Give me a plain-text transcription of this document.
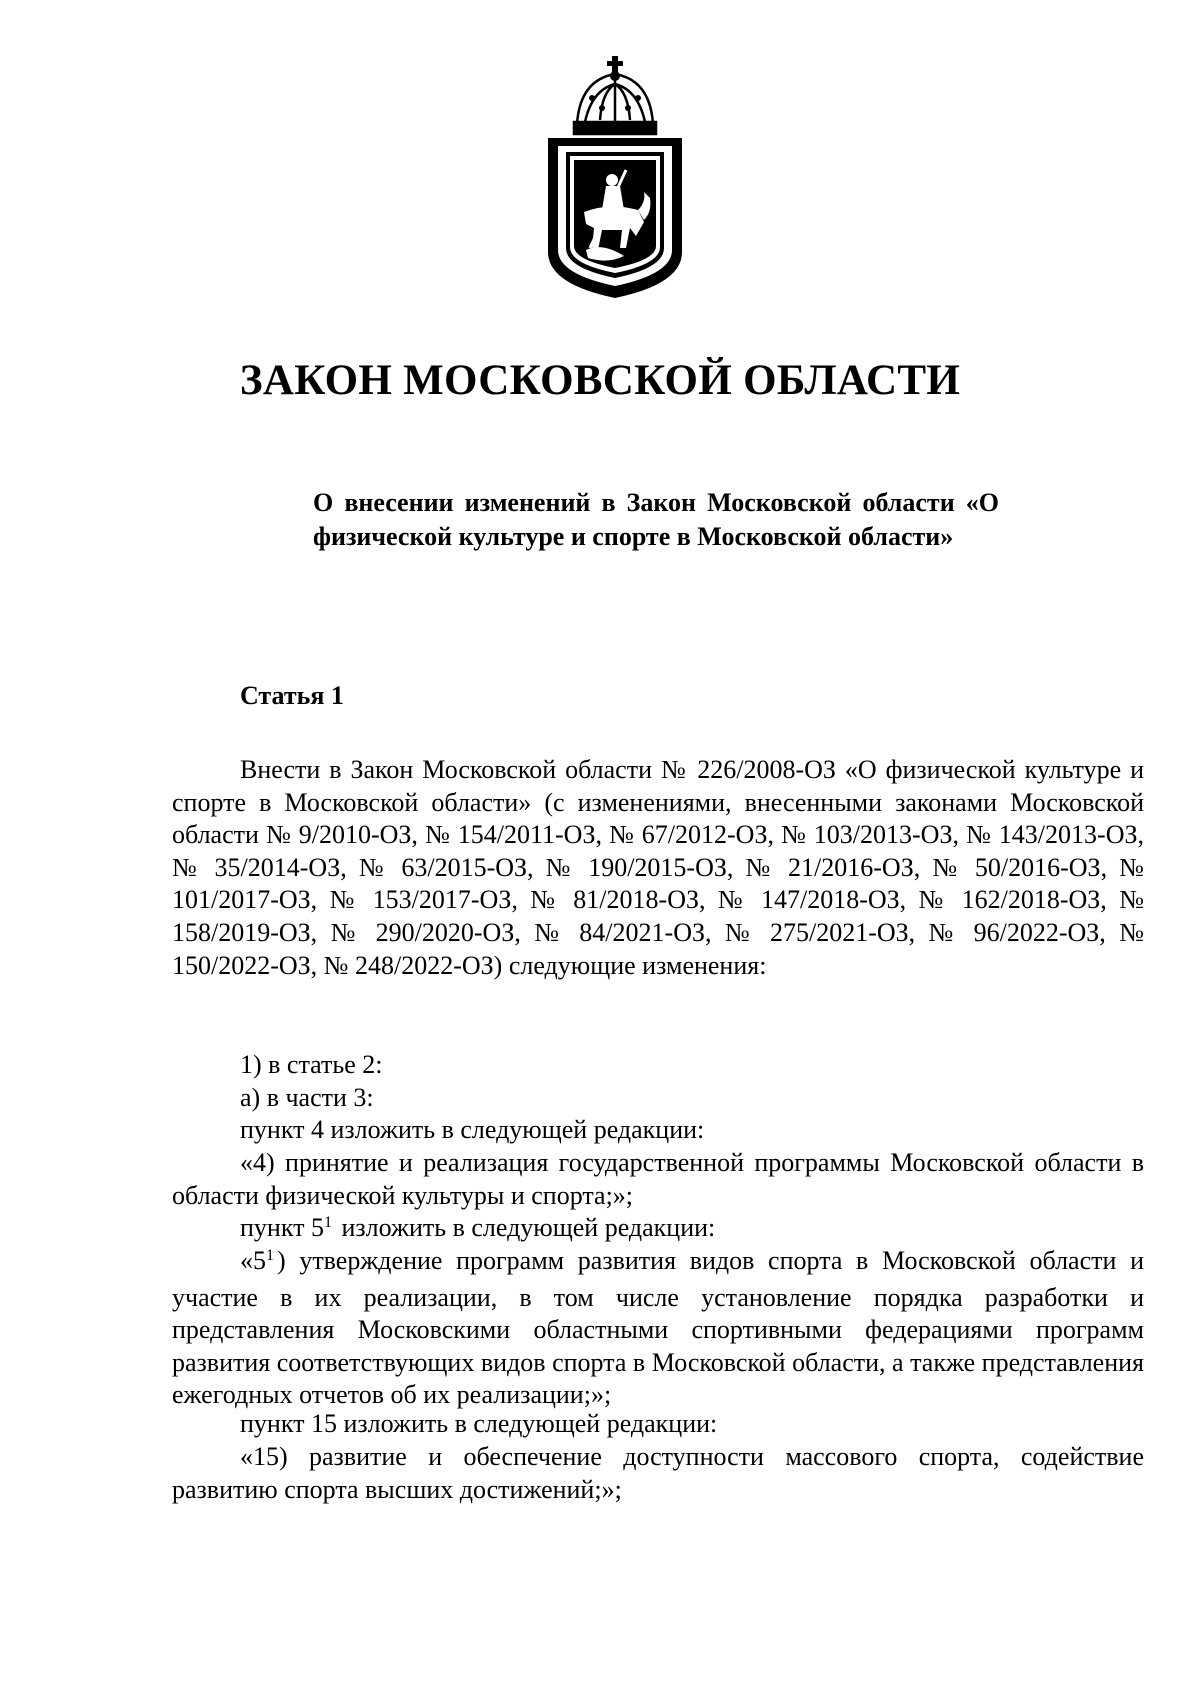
ЗАКОН МОСКОВСКОЙ ОБЛАСТИ
О внесении изменений в Закон Московской области «О физической культуре и спорте в Московской области»
Статья 1
Внести в Закон Московской области № 226/2008-ОЗ «О физической культуре и спорте в Московской области» (с изменениями, внесенными законами Московской области № 9/2010-ОЗ, № 154/2011-ОЗ, № 67/2012-ОЗ, № 103/2013-ОЗ, № 143/2013-ОЗ, № 35/2014-ОЗ, № 63/2015-ОЗ, № 190/2015-ОЗ, № 21/2016-ОЗ, № 50/2016-ОЗ, № 101/2017-ОЗ, № 153/2017-ОЗ, № 81/2018-ОЗ, № 147/2018-ОЗ, № 162/2018-ОЗ, № 158/2019-ОЗ, № 290/2020-ОЗ, № 84/2021-ОЗ, № 275/2021-ОЗ, № 96/2022-ОЗ, № 150/2022-ОЗ, № 248/2022-ОЗ) следующие изменения:
1) в статье 2:
а) в части 3:
пункт 4 изложить в следующей редакции:
«4) принятие и реализация государственной программы Московской области в области физической культуры и спорта;»;
пункт $5^1$ изложить в следующей редакции:
«$5^1$ ) утверждение программ развития видов спорта в Московской области и участие в их реализации, в том числе установление порядка разработки и представления Московскими областными спортивными федерациями программ развития соответствующих видов спорта в Московской области, а также представления ежегодных отчетов об их реализации;»;
пункт 15 изложить в следующей редакции:
«15) развитие и обеспечение доступности массового спорта, содействие развитию спорта высших достижений;»;
